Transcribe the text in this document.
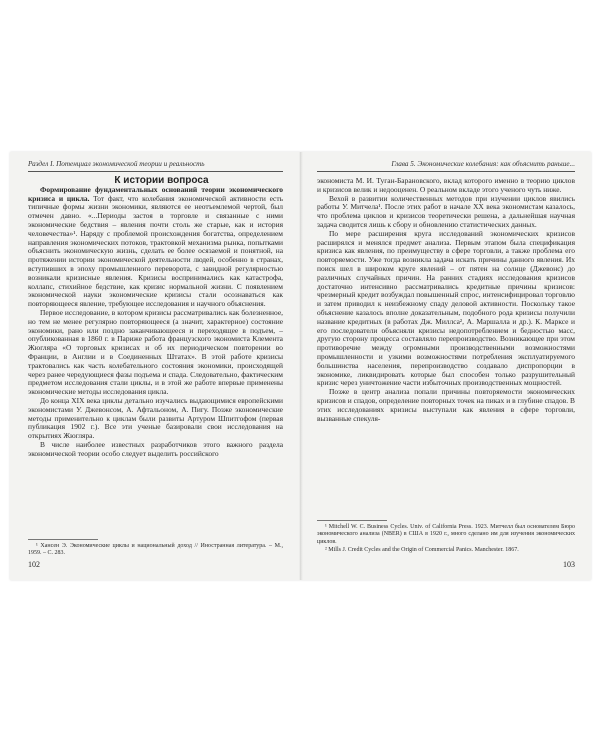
Раздел I. Потенциал экономической теории и реальность

К истории вопроса

Формирование фундаментальных оснований теории экономического кризиса и цикла. Тот факт, что колебания экономической активности есть типичные формы жизни экономики, являются ее неотъемлемой чертой, был отмечен давно. «...Периоды застоя в торговле и связанные с ними экономические бедствия – явления почти столь же старые, как и история человечества»¹. Наряду с проблемой происхождения богатства, определением направления экономических потоков, трактовкой механизма рынка, попытками объяснить экономическую жизнь, сделать ее более осязаемой и понятной, на протяжении истории экономической деятельности людей, особенно в странах, вступивших в эпоху промышленного переворота, с завидной регулярностью возникали кризисные явления. Кризисы воспринимались как катастрофа, коллапс, стихийное бедствие, как кризис нормальной жизни. С появлением экономической науки экономические кризисы стали осознаваться как повторяющееся явление, требующее исследования и научного объяснения.

Первое исследование, в котором кризисы рассматривались как болезненное, но тем не менее регулярно повторяющееся (а значит, характерное) состояние экономики, рано или поздно заканчивающееся и переходящее в подъем, – опубликованная в 1860 г. в Париже работа французского экономиста Клемента Жюгляра «О торговых кризисах и об их периодическом повторении во Франции, в Англии и в Соединенных Штатах». В этой работе кризисы трактовались как часть колебательного состояния экономики, происходящей через ранее чередующиеся фазы подъема и спада. Следовательно, фактическим предметом исследования стали циклы, и в этой же работе впервые применены экономические методы исследования цикла.

До конца XIX века циклы детально изучались выдающимися европейскими экономистами У. Джевонсом, А. Афтальоном, А. Пигу. Позже экономические методы применительно к циклам были развиты Артуром Шпитгофом (первая публикация 1902 г.). Все эти ученые базировали свои исследования на открытиях Жюгляра.

В числе наиболее известных разработчиков этого важного раздела экономической теории особо следует выделить российского

¹ Хансен Э. Экономические циклы и национальный доход // Иностранная литература. – М., 1959. – С. 283.

102
Глава 5. Экономические колебания: как объяснить раньше...

экономиста М. И. Туган-Барановского, вклад которого именно в теорию циклов и кризисов велик и недооценен. О реальном вкладе этого ученого чуть ниже.

Вехой в развитии количественных методов при изучении циклов явились работы У. Митчела¹. После этих работ в начале XX века экономистам казалось, что проблема циклов и кризисов теоретически решена, а дальнейшая научная задача сводится лишь к сбору и обновлению статистических данных.

По мере расширения круга исследований экономических кризисов расширялся и менялся предмет анализа. Первым этапом была спецификация кризиса как явления, по преимуществу в сфере торговли, а также проблема его повторяемости. Уже тогда возникла задача искать причины данного явления. Их поиск шел в широком круге явлений – от пятен на солнце (Джевонс) до различных случайных причин. На ранних стадиях исследования кризисов достаточно интенсивно рассматривались кредитные причины кризисов: чрезмерный кредит возбуждал повышенный спрос, интенсифицировал торговлю и затем приводил к неизбежному спаду деловой активности. Поскольку такое объяснение казалось вполне доказательным, подобного рода кризисы получили название кредитных (в работах Дж. Миллса², А. Маршалла и др.). К. Марксе и его последователи объясняли кризисы недопотреблением и бедностью масс, другую сторону процесса составляло перепроизводство. Возникающее при этом противоречие между огромными производственными возможностями промышленности и узкими возможностями потребления эксплуатируемого большинства населения, перепроизводство создавало диспропорции в экономике, ликвидировать которые был способен только разрушительный кризис через уничтожение части избыточных производственных мощностей.

Позже в центр анализа попали причины повторяемости экономических кризисов и спадов, определение повторных точек на пиках и в глубине спадов. В этих исследованиях кризисы выступали как явления в сфере торговли, вызванные спекуля-

¹ Mitchell W. C. Business Cycles. Univ. of California Press. 1923. Митчелл был основателем Бюро экономического анализа (NBER) в США в 1920 г., много сделано им для изучения экономических циклов.

² Mills J. Credit Cycles and the Origin of Commercial Panics. Manchester. 1867.

103
